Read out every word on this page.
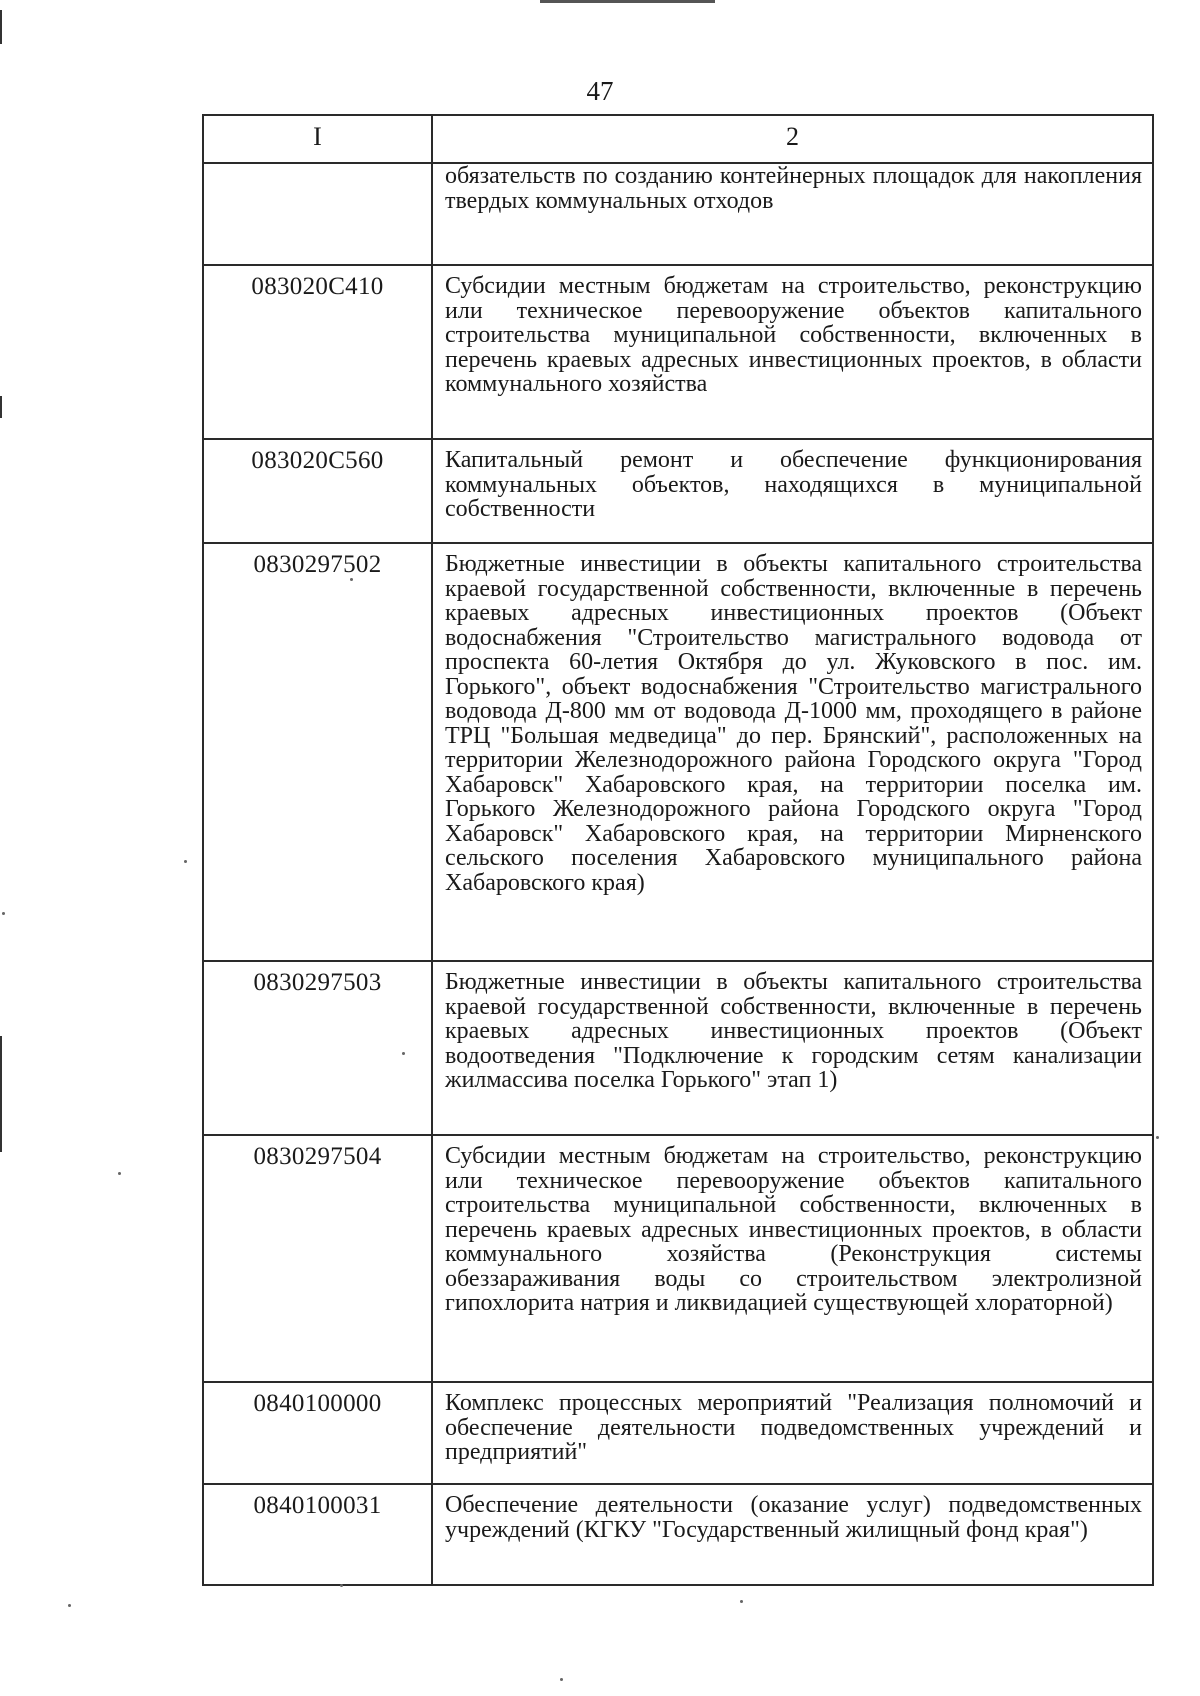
47
I	2
	обязательств по созданию контейнерных площадок для накопления твердых коммунальных отходов
083020С410	Субсидии местным бюджетам на строительство, реконструкцию или техническое перевооружение объектов капитального строительства муниципальной собственности, включенных в перечень краевых адресных инвестиционных проектов, в области коммунального хозяйства
083020С560	Капитальный ремонт и обеспечение функционирования коммунальных объектов, находящихся в муниципальной собственности
0830297502	Бюджетные инвестиции в объекты капитального строительства краевой государственной собственности, включенные в перечень краевых адресных инвестиционных проектов (Объект водоснабжения "Строительство магистрального водовода от проспекта 60-летия Октября до ул. Жуковского в пос. им. Горького", объект водоснабжения "Строительство магистрального водовода Д-800 мм от водовода Д-1000 мм, проходящего в районе ТРЦ "Большая медведица" до пер. Брянский", расположенных на территории Железнодорожного района Городского округа "Город Хабаровск" Хабаровского края, на территории поселка им. Горького Железнодорожного района Городского округа "Город Хабаровск" Хабаровского края, на территории Мирненского сельского поселения Хабаровского муниципального района Хабаровского края)
0830297503	Бюджетные инвестиции в объекты капитального строительства краевой государственной собственности, включенные в перечень краевых адресных инвестиционных проектов (Объект водоотведения "Подключение к городским сетям канализации жилмассива поселка Горького" этап 1)
0830297504	Субсидии местным бюджетам на строительство, реконструкцию или техническое перевооружение объектов капитального строительства муниципальной собственности, включенных в перечень краевых адресных инвестиционных проектов, в области коммунального хозяйства (Реконструкция системы обеззараживания воды со строительством электролизной гипохлорита натрия и ликвидацией существующей хлораторной)
0840100000	Комплекс процессных мероприятий "Реализация полномочий и обеспечение деятельности подведомственных учреждений и предприятий"
0840100031	Обеспечение деятельности (оказание услуг) подведомственных учреждений (КГКУ "Государственный жилищный фонд края")
